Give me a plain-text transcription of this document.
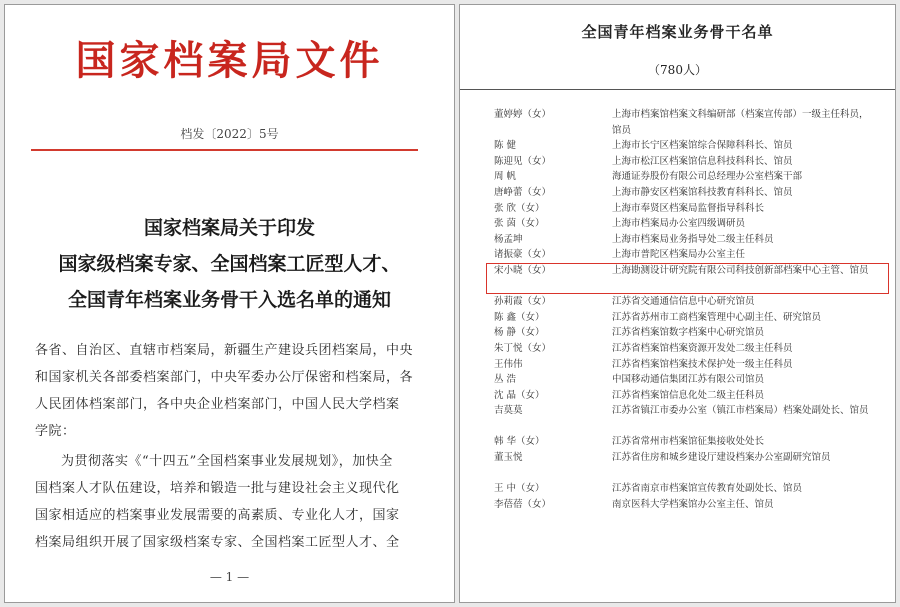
国家档案局文件
档发〔2022〕5号
国家档案局关于印发
国家级档案专家、全国档案工匠型人才、
全国青年档案业务骨干入选名单的通知

各省、自治区、直辖市档案局，新疆生产建设兵团档案局，中央

和国家机关各部委档案部门，中央军委办公厅保密和档案局，各

人民团体档案部门，各中央企业档案部门，中国人民大学档案

学院：

为贯彻落实《“十四五”全国档案事业发展规划》，加快全

国档案人才队伍建设，培养和锻造一批与建设社会主义现代化

国家相适应的档案事业发展需要的高素质、专业化人才，国家

档案局组织开展了国家级档案专家、全国档案工匠型人才、全

— 1 —
全国青年档案业务骨干名单
（780人）
董婷婷（女）	上海市档案馆档案文科编研部（档案宣传部）一级主任科员，馆员
陈 健	上海市长宁区档案馆综合保障科科长、馆员
陈迎见（女）	上海市松江区档案馆信息科技科科长、馆员
周 帆	海通证券股份有限公司总经理办公室档案干部
唐峥蕾（女）	上海市静安区档案馆科技教育科科长、馆员
张 欣（女）	上海市奉贤区档案局监督指导科科长
张 茵（女）	上海市档案局办公室四级调研员
杨孟坤	上海市档案局业务指导处二级主任科员
诸振豪（女）	上海市普陀区档案局办公室主任
宋小晓（女）	上海勘测设计研究院有限公司科技创新部档案中心主管、馆员
孙莉霞（女）	江苏省交通通信信息中心研究馆员
陈 鑫（女）	江苏省苏州市工商档案管理中心副主任、研究馆员
杨 静（女）	江苏省档案馆数字档案中心研究馆员
朱丁悦（女）	江苏省档案馆档案资源开发处二级主任科员
王伟伟	江苏省档案馆档案技术保护处一级主任科员
丛 浩	中国移动通信集团江苏有限公司馆员
沈 晶（女）	江苏省档案馆信息化处二级主任科员
吉莫莫	江苏省镇江市委办公室（镇江市档案局）档案处副处长、馆员
韩 华（女）	江苏省常州市档案馆征集接收处处长
董玉悦	江苏省住房和城乡建设厅建设档案办公室副研究馆员
王 中（女）	江苏省南京市档案馆宣传教育处副处长、馆员
李蓓蓓（女）	南京医科大学档案馆办公室主任、馆员
